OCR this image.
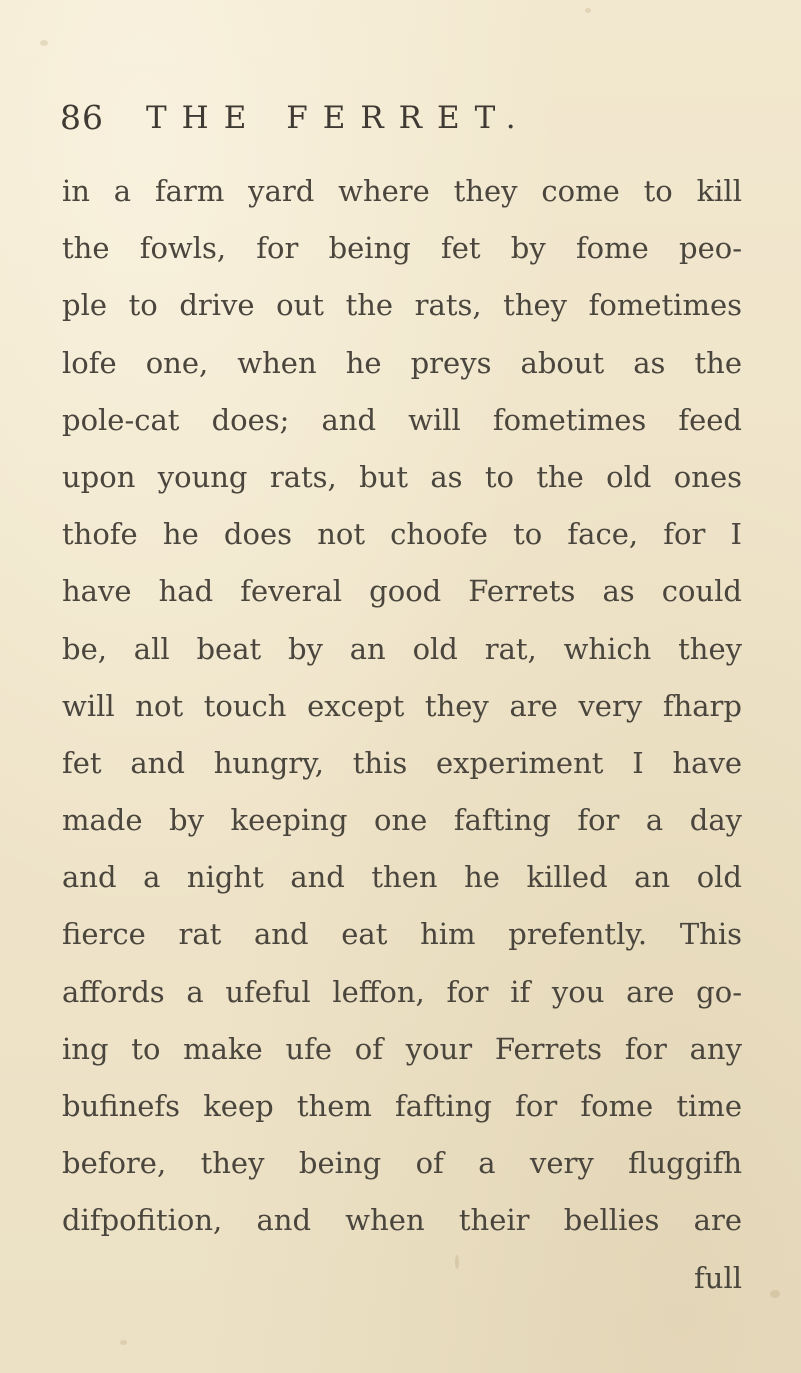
86 THE FERRET.
in a farm yard where they come to kill
the fowls, for being fet by fome peo-
ple to drive out the rats, they fometimes
lofe one, when he preys about as the
pole-cat does; and will fometimes feed
upon young rats, but as to the old ones
thofe he does not choofe to face, for I
have had feveral good Ferrets as could
be, all beat by an old rat, which they
will not touch except they are very fharp
fet and hungry, this experiment I have
made by keeping one fafting for a day
and a night and then he killed an old
fierce rat and eat him prefently. This
affords a ufeful leffon, for if you are go-
ing to make ufe of your Ferrets for any
bufinefs keep them fafting for fome time
before, they being of a very fluggifh
difpofition, and when their bellies are
full
